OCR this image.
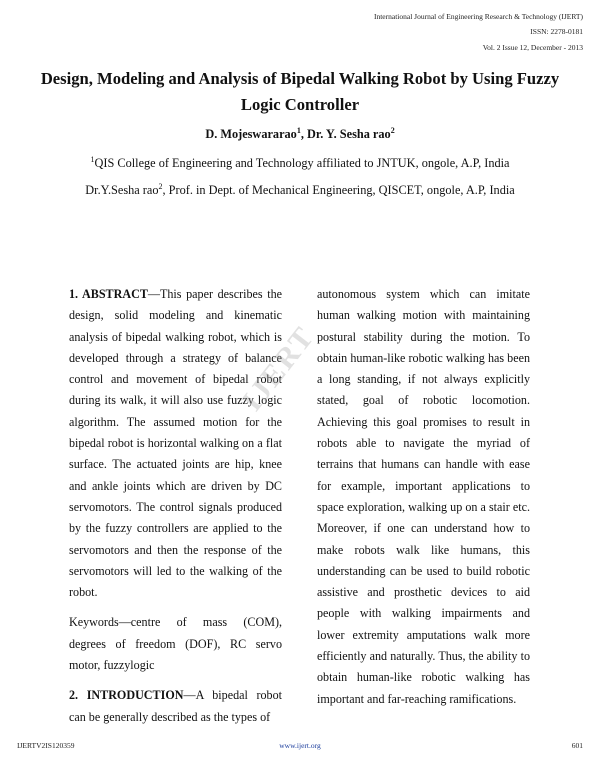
International Journal of Engineering Research & Technology (IJERT)
ISSN: 2278-0181
Vol. 2 Issue 12, December - 2013
Design, Modeling and Analysis of Bipedal Walking Robot by Using Fuzzy Logic Controller
D. Mojeswararao$^1$, Dr. Y. Sesha rao$^2$
$^1$QIS College of Engineering and Technology affiliated to JNTUK, ongole, A.P, India
Dr.Y.Sesha rao$^2$, Prof. in Dept. of Mechanical Engineering, QISCET, ongole, A.P, India

1. ABSTRACT—This paper describes the design, solid modeling and kinematic analysis of bipedal walking robot, which is developed through a strategy of balance control and movement of bipedal robot during its walk, it will also use fuzzy logic algorithm. The assumed motion for the bipedal robot is horizontal walking on a flat surface. The actuated joints are hip, knee and ankle joints which are driven by DC servomotors. The control signals produced by the fuzzy controllers are applied to the servomotors and then the response of the servomotors will led to the walking of the robot.

Keywords—centre of mass (COM), degrees of freedom (DOF), RC servo motor, fuzzylogic

2. INTRODUCTION—A bipedal robot can be generally described as the types of

autonomous system which can imitate human walking motion with maintaining postural stability during the motion. To obtain human-like robotic walking has been a long standing, if not always explicitly stated, goal of robotic locomotion. Achieving this goal promises to result in robots able to navigate the myriad of terrains that humans can handle with ease for example, important applications to space exploration, walking up on a stair etc. Moreover, if one can understand how to make robots walk like humans, this understanding can be used to build robotic assistive and prosthetic devices to aid people with walking impairments and lower extremity amputations walk more efficiently and naturally. Thus, the ability to obtain human-like robotic walking has important and far-reaching ramifications.

IJERT
IJERTV2IS120359	www.ijert.org	601
